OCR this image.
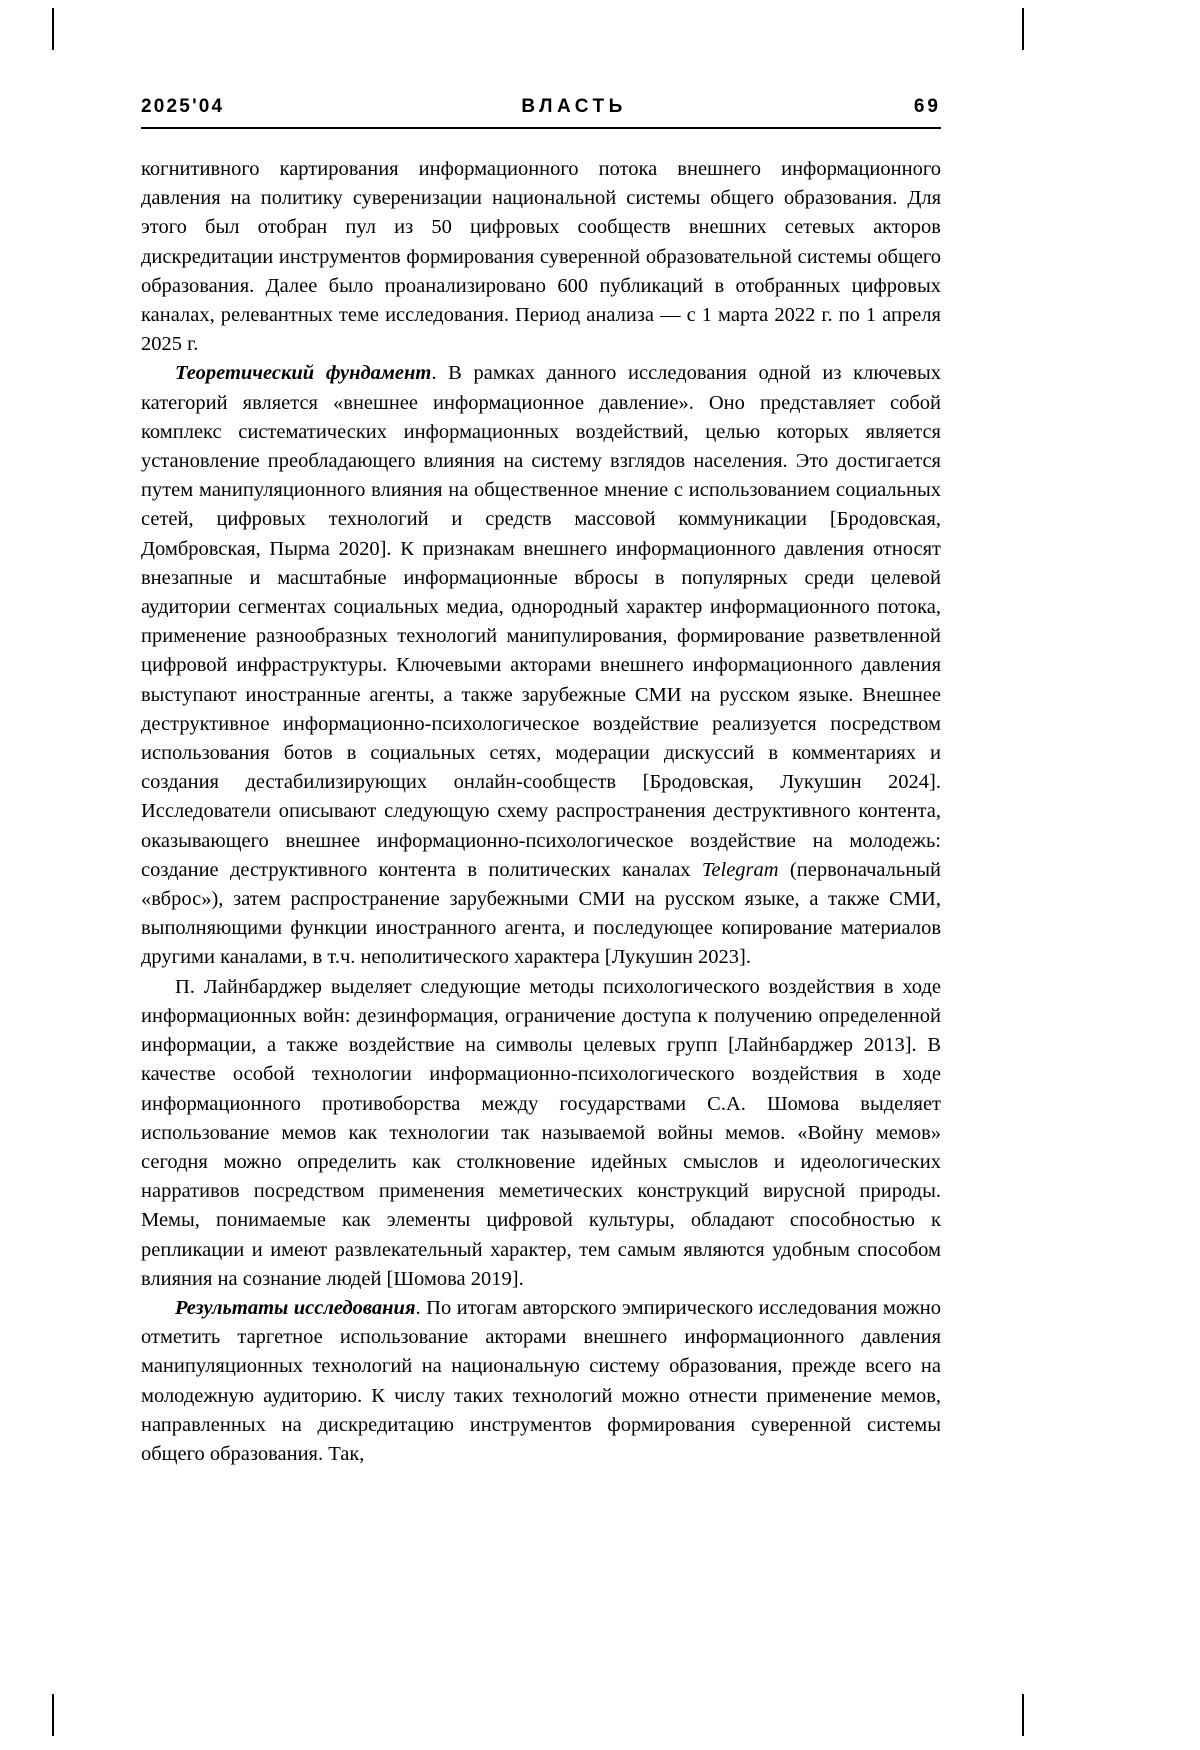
2025'04	ВЛАСТЬ	69

когнитивного картирования информационного потока внешнего информационного давления на политику суверенизации национальной системы общего образования. Для этого был отобран пул из 50 цифровых сообществ внешних сетевых акторов дискредитации инструментов формирования суверенной образовательной системы общего образования. Далее было проанализировано 600 публикаций в отобранных цифровых каналах, релевантных теме исследования. Период анализа — с 1 марта 2022 г. по 1 апреля 2025 г.

Теоретический фундамент. В рамках данного исследования одной из ключевых категорий является «внешнее информационное давление». Оно представляет собой комплекс систематических информационных воздействий, целью которых является установление преобладающего влияния на систему взглядов населения. Это достигается путем манипуляционного влияния на общественное мнение с использованием социальных сетей, цифровых технологий и средств массовой коммуникации [Бродовская, Домбровская, Пырма 2020]. К признакам внешнего информационного давления относят внезапные и масштабные информационные вбросы в популярных среди целевой аудитории сегментах социальных медиа, однородный характер информационного потока, применение разнообразных технологий манипулирования, формирование разветвленной цифровой инфраструктуры. Ключевыми акторами внешнего информационного давления выступают иностранные агенты, а также зарубежные СМИ на русском языке. Внешнее деструктивное информационно-психологическое воздействие реализуется посредством использования ботов в социальных сетях, модерации дискуссий в комментариях и создания дестабилизирующих онлайн-сообществ [Бродовская, Лукушин 2024]. Исследователи описывают следующую схему распространения деструктивного контента, оказывающего внешнее информационно-психологическое воздействие на молодежь: создание деструктивного контента в политических каналах Telegram (первоначальный «вброс»), затем распространение зарубежными СМИ на русском языке, а также СМИ, выполняющими функции иностранного агента, и последующее копирование материалов другими каналами, в т.ч. неполитического характера [Лукушин 2023].

П. Лайнбарджер выделяет следующие методы психологического воздействия в ходе информационных войн: дезинформация, ограничение доступа к получению определенной информации, а также воздействие на символы целевых групп [Лайнбарджер 2013]. В качестве особой технологии информационно-психологического воздействия в ходе информационного противоборства между государствами С.А. Шомова выделяет использование мемов как технологии так называемой войны мемов. «Войну мемов» сегодня можно определить как столкновение идейных смыслов и идеологических нарративов посредством применения меметических конструкций вирусной природы. Мемы, понимаемые как элементы цифровой культуры, обладают способностью к репликации и имеют развлекательный характер, тем самым являются удобным способом влияния на сознание людей [Шомова 2019].

Результаты исследования. По итогам авторского эмпирического исследования можно отметить таргетное использование акторами внешнего информационного давления манипуляционных технологий на национальную систему образования, прежде всего на молодежную аудиторию. К числу таких технологий можно отнести применение мемов, направленных на дискредитацию инструментов формирования суверенной системы общего образования. Так,
